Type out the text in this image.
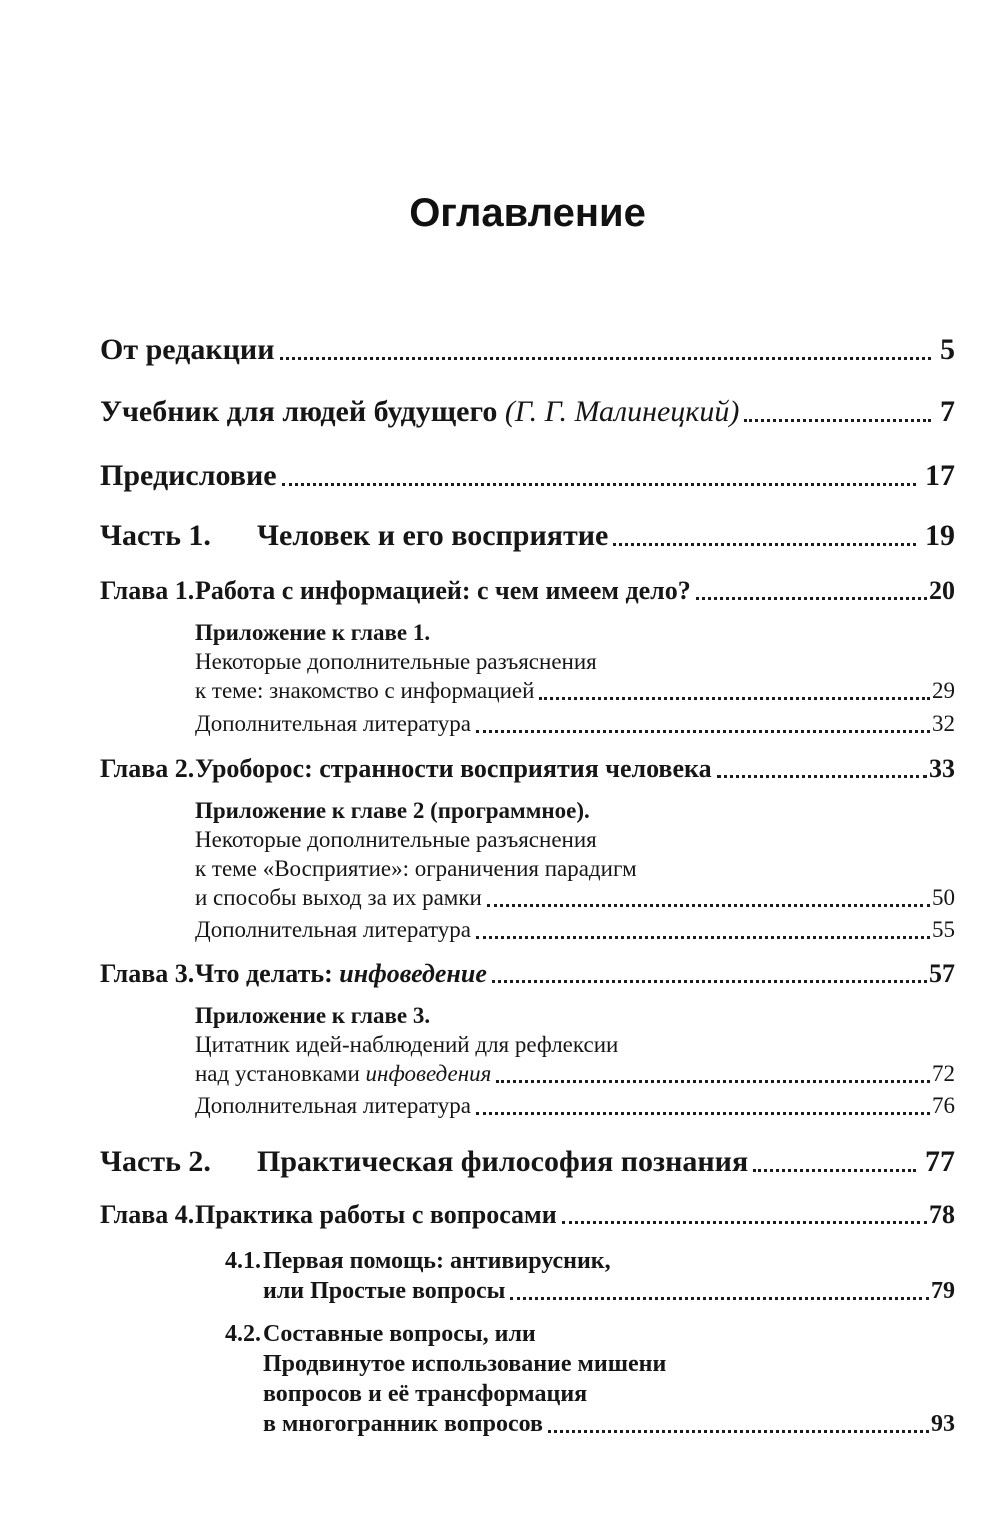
Оглавление
От редакции	5
Учебник для людей будущего (Г. Г. Малинецкий)	7
Предисловие	17
Часть 1.	Человек и его восприятие	19
Глава 1. Работа с информацией: с чем имеем дело?	20
Приложение к главе 1.
Некоторые дополнительные разъяснения
к теме: знакомство с информацией	29
Дополнительная литература	32
Глава 2. Уроборос: странности восприятия человека	33
Приложение к главе 2 (программное).
Некоторые дополнительные разъяснения
к теме «Восприятие»: ограничения парадигм
и способы выход за их рамки	50
Дополнительная литература	55
Глава 3. Что делать: инфоведение	57
Приложение к главе 3.
Цитатник идей-наблюдений для рефлексии
над установками инфоведения	72
Дополнительная литература	76
Часть 2.	Практическая философия познания	77
Глава 4. Практика работы с вопросами	78
4.1. Первая помощь: антивирусник,
или Простые вопросы	79
4.2. Составные вопросы, или
Продвинутое использование мишени
вопросов и её трансформация
в многогранник вопросов	93
